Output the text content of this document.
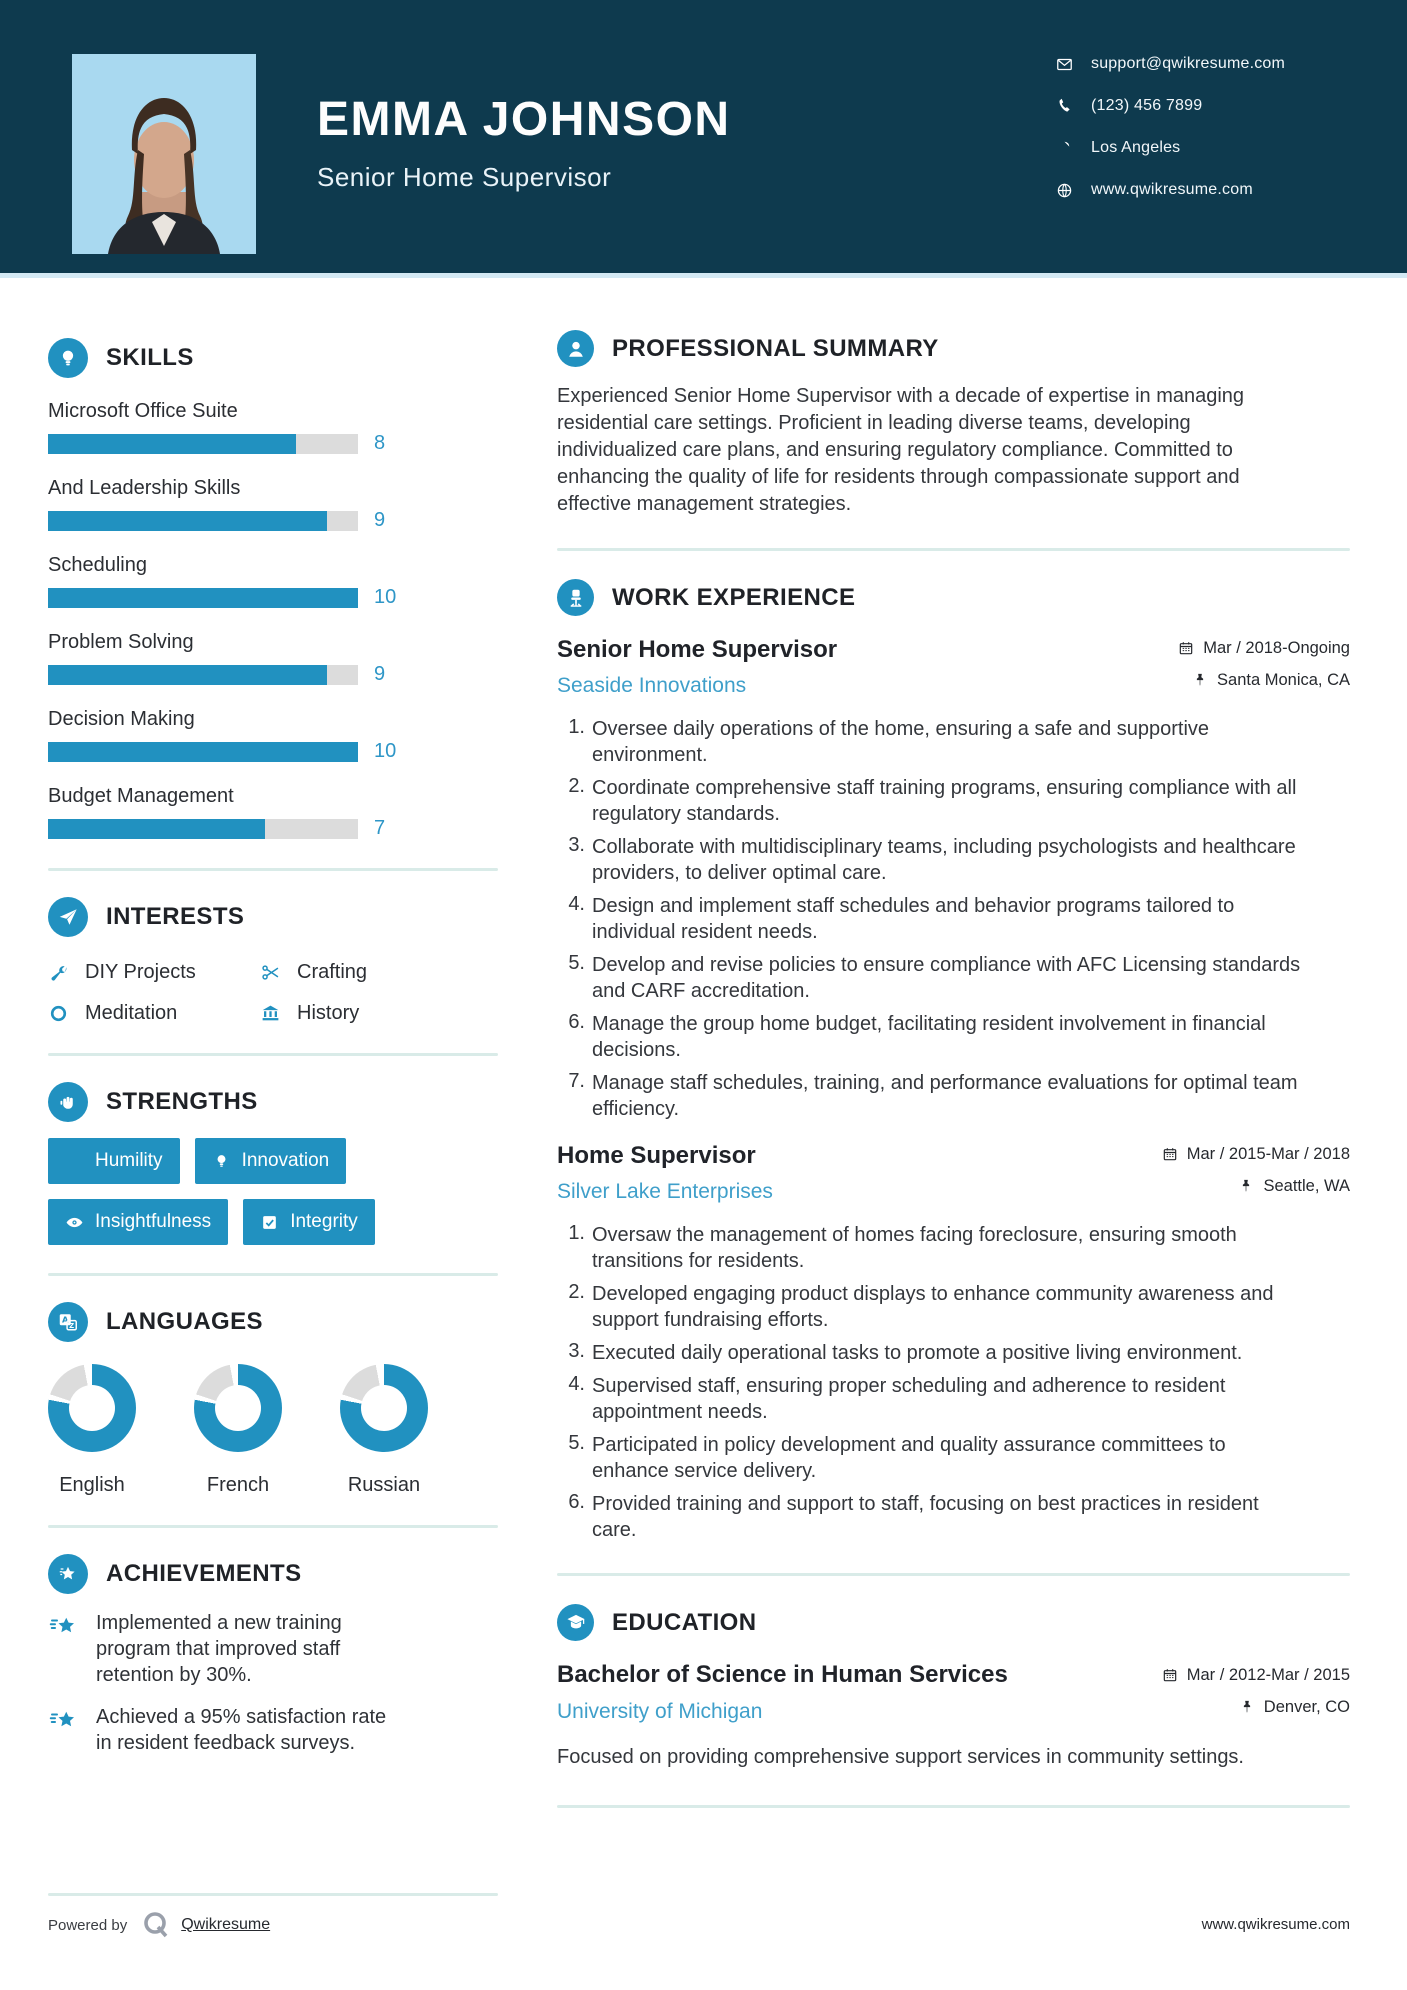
EMMA JOHNSON
Senior Home Supervisor
support@qwikresume.com
(123) 456 7899
Los Angeles
www.qwikresume.com
SKILLS
Microsoft Office Suite
8
And Leadership Skills
9
Scheduling
10
Problem Solving
9
Decision Making
10
Budget Management
7
INTERESTS
DIY Projects	Crafting
Meditation	History
STRENGTHS
Humility	Innovation
Insightfulness	Integrity
A
Z LANGUAGES
English	French	Russian
ACHIEVEMENTS
Implemented a new training program that improved staff retention by 30%.
Achieved a 95% satisfaction rate in resident feedback surveys.
PROFESSIONAL SUMMARY
Experienced Senior Home Supervisor with a decade of expertise in managing residential care settings. Proficient in leading diverse teams, developing individualized care plans, and ensuring regulatory compliance. Committed to enhancing the quality of life for residents through compassionate support and effective management strategies.
WORK EXPERIENCE
Senior Home Supervisor
Seaside Innovations
Mar / 2018-Ongoing
Santa Monica, CA
1. Oversee daily operations of the home, ensuring a safe and supportive environment.
2. Coordinate comprehensive staff training programs, ensuring compliance with all regulatory standards.
3. Collaborate with multidisciplinary teams, including psychologists and healthcare providers, to deliver optimal care.
4. Design and implement staff schedules and behavior programs tailored to individual resident needs.
5. Develop and revise policies to ensure compliance with AFC Licensing standards and CARF accreditation.
6. Manage the group home budget, facilitating resident involvement in financial decisions.
7. Manage staff schedules, training, and performance evaluations for optimal team efficiency.
Home Supervisor
Silver Lake Enterprises
Mar / 2015-Mar / 2018
Seattle, WA
1. Oversaw the management of homes facing foreclosure, ensuring smooth transitions for residents.
2. Developed engaging product displays to enhance community awareness and support fundraising efforts.
3. Executed daily operational tasks to promote a positive living environment.
4. Supervised staff, ensuring proper scheduling and adherence to resident appointment needs.
5. Participated in policy development and quality assurance committees to enhance service delivery.
6. Provided training and support to staff, focusing on best practices in resident care.
EDUCATION
Bachelor of Science in Human Services
University of Michigan
Mar / 2012-Mar / 2015
Denver, CO
Focused on providing comprehensive support services in community settings.
Powered by	Qwikresume	www.qwikresume.com
